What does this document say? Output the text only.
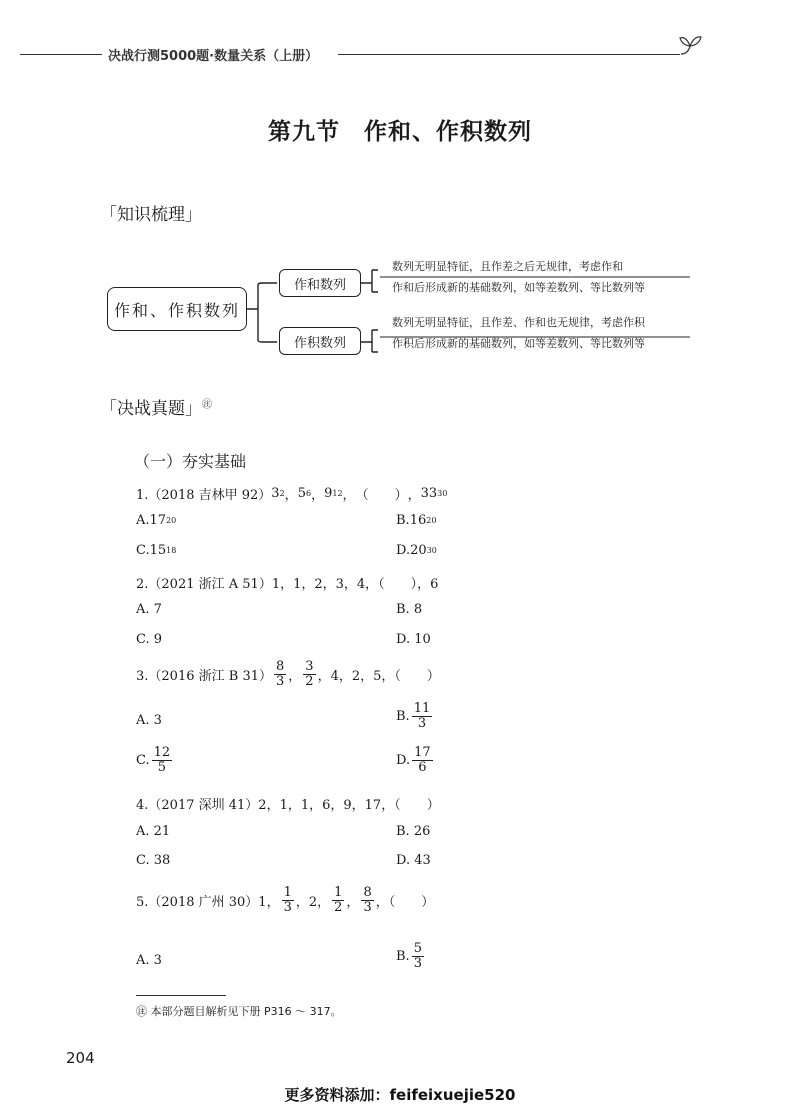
决战行测5000题·数量关系（上册）
第九节　作和、作积数列
「知识梳理」
作和、作积数列
作和数列
数列无明显特征，且作差之后无规律，考虑作和
作和后形成新的基础数列，如等差数列、等比数列等
作积数列
数列无明显特征，且作差、作和也无规律，考虑作积
作积后形成新的基础数列，如等差数列、等比数列等
「决战真题」㊟
（一）夯实基础
1.（2018 吉林甲 92） 3 2 ， 5 6 ， 9 12 ， （　　） ， 33 30
A. 17 20	B. 16 20
C. 15 18	D. 20 30
2.（2021 浙江 A 51）1，1，2，3，4，（　　），6
A. 7	B. 8
C. 9	D. 10
3.（2016 浙江 B $31) \frac{8}{3}$ ， $\frac{3}{2}$ ，4，2，5，（　　）
A. 3	B. $\frac{11}{3}$
C. $\frac{12}{5}$	D. $\frac{17}{6}$
4.（2017 深圳 41）2，1，1，6，9，17，（　　）
A. 21	B. 26
C. 38	D. 43
5.（2018 广州 30）1， $\frac{1}{3}$ ，2， $\frac{1}{2}$ ， $\frac{8}{3}$ ，（　　）
A. 3	B. $\frac{5}{3}$
㊟ 本部分题目解析见下册 P316 ～ 317。
204
更多资料添加：feifeixuejie520
